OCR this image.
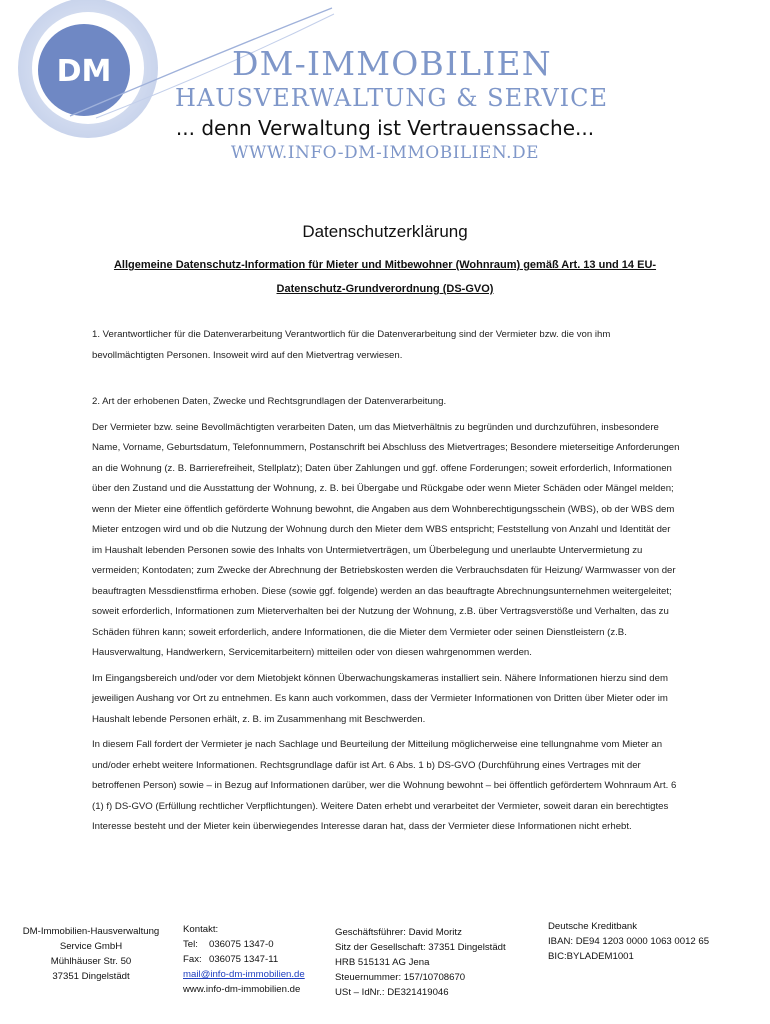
DM	DM-IMMOBILIEN
HAUSVERWALTUNG & SERVICE
... denn Verwaltung ist Vertrauenssache...
WWW.INFO-DM-IMMOBILIEN.DE
Datenschutzerklärung
Allgemeine Datenschutz-Information für Mieter und Mitbewohner (Wohnraum) gemäß Art. 13 und 14 EU-
Datenschutz-Grundverordnung (DS-GVO)

1. Verantwortlicher für die Datenverarbeitung Verantwortlich für die Datenverarbeitung sind der Vermieter bzw. die von ihm bevollmächtigten Personen. Insoweit wird auf den Mietvertrag verwiesen.

2. Art der erhobenen Daten, Zwecke und Rechtsgrundlagen der Datenverarbeitung.

Der Vermieter bzw. seine Bevollmächtigten verarbeiten Daten, um das Mietverhältnis zu begründen und durchzuführen, insbesondere Name, Vorname, Geburtsdatum, Telefonnummern, Postanschrift bei Abschluss des Mietvertrages; Besondere mieterseitige Anforderungen an die Wohnung (z. B. Barrierefreiheit, Stellplatz); Daten über Zahlungen und ggf. offene Forderungen; soweit erforderlich, Informationen über den Zustand und die Ausstattung der Wohnung, z. B. bei Übergabe und Rückgabe oder wenn Mieter Schäden oder Mängel melden; wenn der Mieter eine öffentlich geförderte Wohnung bewohnt, die Angaben aus dem Wohnberechtigungsschein (WBS), ob der WBS dem Mieter entzogen wird und ob die Nutzung der Wohnung durch den Mieter dem WBS entspricht; Feststellung von Anzahl und Identität der im Haushalt lebenden Personen sowie des Inhalts von Untermietverträgen, um Überbelegung und unerlaubte Untervermietung zu vermeiden; Kontodaten; zum Zwecke der Abrechnung der Betriebskosten werden die Verbrauchsdaten für Heizung/ Warmwasser von der beauftragten Messdienstfirma erhoben. Diese (sowie ggf. folgende) werden an das beauftragte Abrechnungsunternehmen weitergeleitet; soweit erforderlich, Informationen zum Mieterverhalten bei der Nutzung der Wohnung, z.B. über Vertragsverstöße und Verhalten, das zu Schäden führen kann; soweit erforderlich, andere Informationen, die die Mieter dem Vermieter oder seinen Dienstleistern (z.B. Hausverwaltung, Handwerkern, Servicemitarbeitern) mitteilen oder von diesen wahrgenommen werden.

Im Eingangsbereich und/oder vor dem Mietobjekt können Überwachungskameras installiert sein. Nähere Informationen hierzu sind dem jeweiligen Aushang vor Ort zu entnehmen. Es kann auch vorkommen, dass der Vermieter Informationen von Dritten über Mieter oder im Haushalt lebende Personen erhält, z. B. im Zusammenhang mit Beschwerden.

In diesem Fall fordert der Vermieter je nach Sachlage und Beurteilung der Mitteilung möglicherweise eine tellungnahme vom Mieter an und/oder erhebt weitere Informationen. Rechtsgrundlage dafür ist Art. 6 Abs. 1 b) DS-GVO (Durchführung eines Vertrages mit der betroffenen Person) sowie – in Bezug auf Informationen darüber, wer die Wohnung bewohnt – bei öffentlich gefördertem Wohnraum Art. 6 (1) f) DS-GVO (Erfüllung rechtlicher Verpflichtungen). Weitere Daten erhebt und verarbeitet der Vermieter, soweit daran ein berechtigtes Interesse besteht und der Mieter kein überwiegendes Interesse daran hat, dass der Vermieter diese Informationen nicht erhebt.

DM-Immobilien-Hausverwaltung
Service GmbH
Mühlhäuser Str. 50
37351 Dingelstädt
Kontakt:
Tel: 036075 1347-0
Fax: 036075 1347-11
mail@info-dm-immobilien.de
www.info-dm-immobilien.de
Geschäftsführer: David Moritz
Sitz der Gesellschaft: 37351 Dingelstädt
HRB 515131 AG Jena
Steuernummer: 157/10708670
USt – IdNr.: DE321419046
Deutsche Kreditbank
IBAN: DE94 1203 0000 1063 0012 65
BIC:BYLADEM1001
